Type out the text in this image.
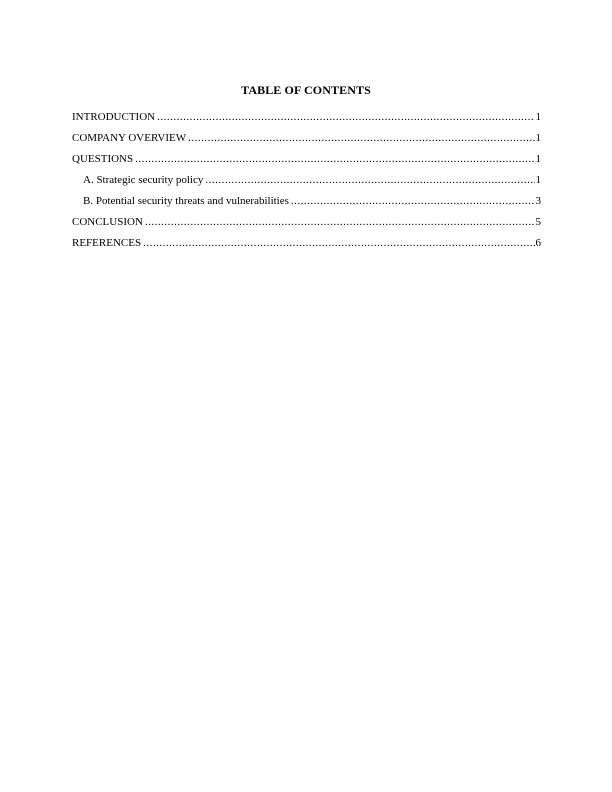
TABLE OF CONTENTS
INTRODUCTION .....	1
COMPANY OVERVIEW .....	1
QUESTIONS .....	1
A. Strategic security policy .....	1
B. Potential security threats and vulnerabilities .....	3
CONCLUSION .....	5
REFERENCES .....	6
